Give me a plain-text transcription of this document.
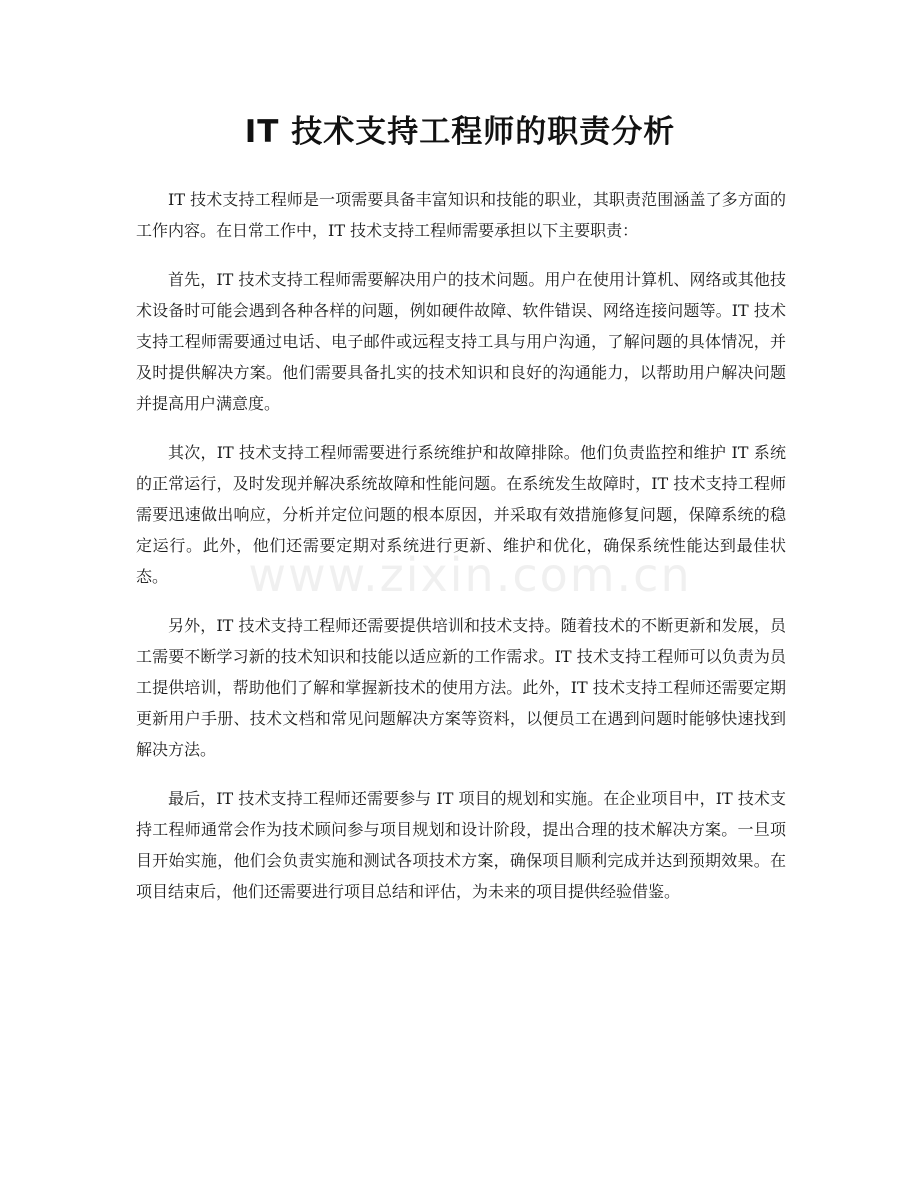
IT 技术支持工程师的职责分析

IT 技术支持工程师是一项需要具备丰富知识和技能的职业，其职责范围涵盖了多方面的工作内容。在日常工作中，IT 技术支持工程师需要承担以下主要职责：

首先，IT 技术支持工程师需要解决用户的技术问题。用户在使用计算机、网络或其他技术设备时可能会遇到各种各样的问题，例如硬件故障、软件错误、网络连接问题等。IT 技术支持工程师需要通过电话、电子邮件或远程支持工具与用户沟通，了解问题的具体情况，并及时提供解决方案。他们需要具备扎实的技术知识和良好的沟通能力，以帮助用户解决问题并提高用户满意度。

其次，IT 技术支持工程师需要进行系统维护和故障排除。他们负责监控和维护 IT 系统的正常运行，及时发现并解决系统故障和性能问题。在系统发生故障时，IT 技术支持工程师需要迅速做出响应，分析并定位问题的根本原因，并采取有效措施修复问题，保障系统的稳定运行。此外，他们还需要定期对系统进行更新、维护和优化，确保系统性能达到最佳状态。

另外，IT 技术支持工程师还需要提供培训和技术支持。随着技术的不断更新和发展，员工需要不断学习新的技术知识和技能以适应新的工作需求。IT 技术支持工程师可以负责为员工提供培训，帮助他们了解和掌握新技术的使用方法。此外，IT 技术支持工程师还需要定期更新用户手册、技术文档和常见问题解决方案等资料，以便员工在遇到问题时能够快速找到解决方法。

最后，IT 技术支持工程师还需要参与 IT 项目的规划和实施。在企业项目中，IT 技术支持工程师通常会作为技术顾问参与项目规划和设计阶段，提出合理的技术解决方案。一旦项目开始实施，他们会负责实施和测试各项技术方案，确保项目顺利完成并达到预期效果。在项目结束后，他们还需要进行项目总结和评估，为未来的项目提供经验借鉴。

www.zixin.com.cn
